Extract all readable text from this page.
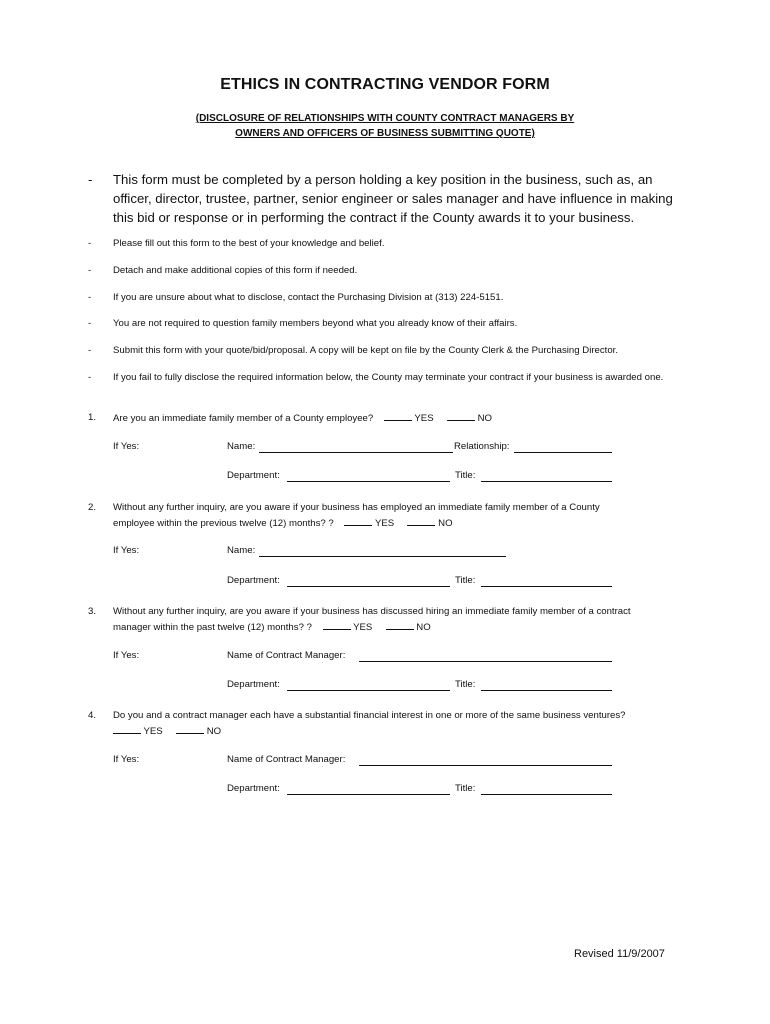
ETHICS IN CONTRACTING VENDOR FORM
(DISCLOSURE OF RELATIONSHIPS WITH COUNTY CONTRACT MANAGERS BY
OWNERS AND OFFICERS OF BUSINESS SUBMITTING QUOTE)
- This form must be completed by a person holding a key position in the business, such as, an officer, director, trustee, partner, senior engineer or sales manager and have influence in making this bid or response or in performing the contract if the County awards it to your business.
- Please fill out this form to the best of your knowledge and belief.
- Detach and make additional copies of this form if needed.
- If you are unsure about what to disclose, contact the Purchasing Division at (313) 224-5151.
- You are not required to question family members beyond what you already know of their affairs.
- Submit this form with your quote/bid/proposal. A copy will be kept on file by the County Clerk & the Purchasing Director.
- If you fail to fully disclose the required information below, the County may terminate your contract if your business is awarded one.
1. Are you an immediate family member of a County employee?	YES	NO
If Yes:	Name:	Relationship:
Department:	Title:
2. Without any further inquiry, are you aware if your business has employed an immediate family member of a County
employee within the previous twelve (12) months? ?	YES	NO
If Yes:	Name:
Department:	Title:
3. Without any further inquiry, are you aware if your business has discussed hiring an immediate family member of a contract
manager within the past twelve (12) months? ?	YES	NO
If Yes:	Name of Contract Manager:
Department:	Title:
4. Do you and a contract manager each have a substantial financial interest in one or more of the same business ventures?
YES	NO
If Yes:	Name of Contract Manager:
Department:	Title:
Revised 11/9/2007
